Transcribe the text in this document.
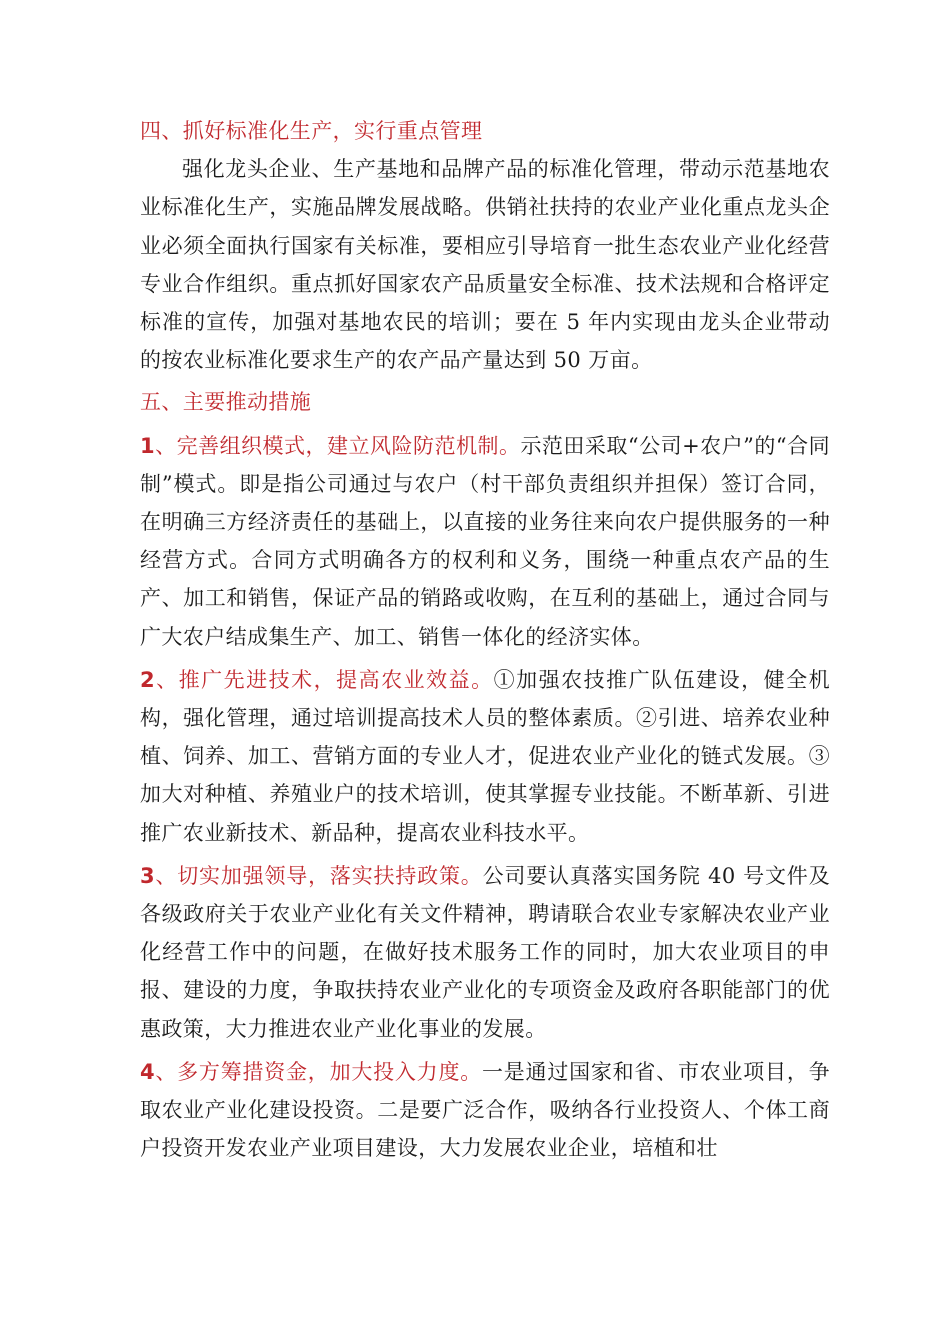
四、抓好标准化生产，实行重点管理

强化龙头企业、生产基地和品牌产品的标准化管理，带动示范基地农业标准化生产，实施品牌发展战略。供销社扶持的农业产业化重点龙头企业必须全面执行国家有关标准，要相应引导培育一批生态农业产业化经营专业合作组织。重点抓好国家农产品质量安全标准、技术法规和合格评定标准的宣传，加强对基地农民的培训；要在 5 年内实现由龙头企业带动的按农业标准化要求生产的农产品产量达到 50 万亩。

五、主要推动措施

1、完善组织模式，建立风险防范机制。示范田采取“公司+农户”的“合同制”模式。即是指公司通过与农户（村干部负责组织并担保）签订合同，在明确三方经济责任的基础上，以直接的业务往来向农户提供服务的一种经营方式。合同方式明确各方的权利和义务，围绕一种重点农产品的生产、加工和销售，保证产品的销路或收购，在互利的基础上，通过合同与广大农户结成集生产、加工、销售一体化的经济实体。

2、推广先进技术，提高农业效益。①加强农技推广队伍建设，健全机构，强化管理，通过培训提高技术人员的整体素质。②引进、培养农业种植、饲养、加工、营销方面的专业人才，促进农业产业化的链式发展。③加大对种植、养殖业户的技术培训，使其掌握专业技能。不断革新、引进推广农业新技术、新品种，提高农业科技水平。

3、切实加强领导，落实扶持政策。公司要认真落实国务院 40 号文件及各级政府关于农业产业化有关文件精神，聘请联合农业专家解决农业产业化经营工作中的问题，在做好技术服务工作的同时，加大农业项目的申报、建设的力度，争取扶持农业产业化的专项资金及政府各职能部门的优惠政策，大力推进农业产业化事业的发展。

4、多方筹措资金，加大投入力度。一是通过国家和省、市农业项目，争取农业产业化建设投资。二是要广泛合作，吸纳各行业投资人、个体工商户投资开发农业产业项目建设，大力发展农业企业，培植和壮
